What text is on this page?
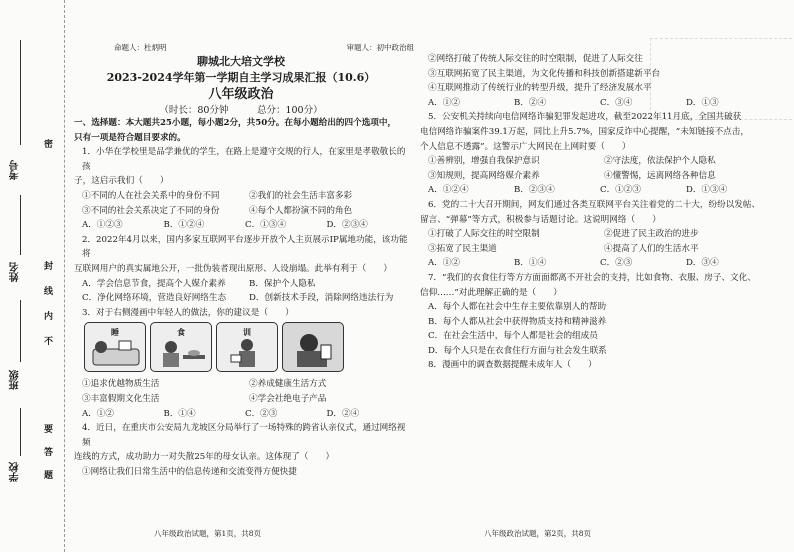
考号
姓名
班级
学校
密
封
线
内
不
要
答
题
命题人：杜炳明	审题人：初中政治组
聊城北大培文学校
2023-2024学年第一学期自主学习成果汇报（10.6）
八年级政治
（时长：80分钟　　　总分：100分）

一、选择题：本大题共25小题，每小题2分，共50分。在每小题给出的四个选项中，

只有一项是符合题目要求的。

1．小华在学校里是品学兼优的学生，在路上是遵守交规的行人，在家里是孝敬敬长的孩

子，这启示我们（　　）

①不同的人在社会关系中的身份不同	②我们的社会生活丰富多彩
③不同的社会关系决定了不同的身份	④每个人都扮演不同的角色
A．①②③	B．①②④	C．①③④	D．②③④

2．2022年4月以来，国内多家互联网平台逐步开放个人主页展示IP属地功能，该功能将

互联网用户的真实属地公开，一批伪装者现出原形、人设崩塌。此举有利于（　　）

A．学会信息节食，提高个人媒介素养	B．保护个人隐私
C．净化网络环境，营造良好网络生态	D．创新技术手段，消除网络违法行为

3．对于右侧漫画中年轻人的做法，你的建议是（　　）

睡	食	训
①追求优越物质生活	②养成健康生活方式
③丰富假期文化生活	④学会社绝电子产品
A．①②	B．①④	C．②③	D．②④

4．近日，在重庆市公安局九龙坡区分局举行了一场特殊的跨省认亲仪式，通过网络视频

连线的方式，成功助力一对失散25年的母女认亲。这体现了（　　）

①网络让我们日常生活中的信息传递和交流变得方便快捷

八年级政治试题，第1页，共8页

②网络打破了传统人际交往的时空限制，促进了人际交往

③互联网拓宽了民主渠道，为文化传播和科技创新搭建新平台

④互联网推动了传统行业的转型升级，提升了经济发展水平

A．①②	B．②④	C．③④	D．①③

5．公安机关持续向电信网络诈骗犯罪发起进攻，截至2022年11月底，全国共破获

电信网络诈骗案件39.1万起，同比上升5.7%，国家反诈中心提醒，“未知链接不点击，

个人信息不透露”。这警示广大网民在上网时要（　　）

①善辨别，增强自我保护意识	②守法度，依法保护个人隐私
③知规则，提高网络媒介素养	④懂警惕，远离网络各种信息
A．①②④	B．②③④	C．①②③	D．①③④

6．党的二十大召开期间，网友们通过各类互联网平台关注着党的二十大，纷纷以发帖、

留言、“弹幕”等方式，积极参与话题讨论。这说明网络（　　）

①打破了人际交往的时空限制	②促进了民主政治的进步
③拓宽了民主渠道	④提高了人们的生活水平
A．①②	B．①④	C．②③	D．③④

7．“我们的衣食住行等方方面面都离不开社会的支持，比如食物、衣服、房子、文化、

信仰……”对此理解正确的是（　　）

A．每个人都在社会中生存主要依靠别人的帮助

B．每个人都从社会中获得物质支持和精神滋养

C．在社会生活中，每个人都是社会的组成员

D．每个人只是在衣食住行方面与社会发生联系

8．漫画中的调查数据提醒未成年人（　　）

八年级政治试题，第2页，共8页
